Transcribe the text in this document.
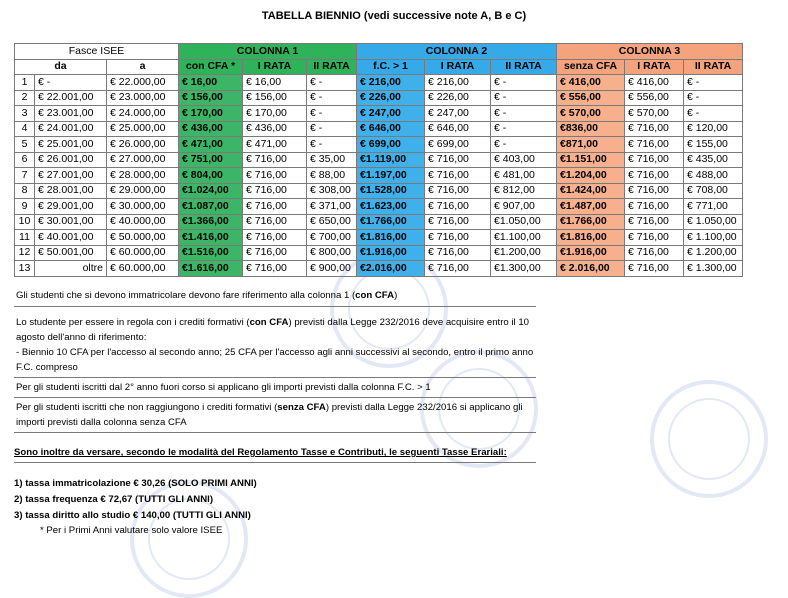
TABELLA BIENNIO (vedi successive note A, B e C)
Fasce ISEE			COLONNA 1			COLONNA 2			COLONNA 3		
da		a	con CFA *	I RATA	II RATA	f.C. > 1	I RATA	II RATA	senza CFA	I RATA	II RATA
1	€ -	€ 22.000,00	€ 16,00	€ 16,00	€ -	€ 216,00	€ 216,00	€ -	€ 416,00	€ 416,00	€ -
2	€ 22.001,00	€ 23.000,00	€ 156,00	€ 156,00	€ -	€ 226,00	€ 226,00	€ -	€ 556,00	€ 556,00	€ -
3	€ 23.001,00	€ 24.000,00	€ 170,00	€ 170,00	€ -	€ 247,00	€ 247,00	€ -	€ 570,00	€ 570,00	€ -
4	€ 24.001,00	€ 25.000,00	€ 436,00	€ 436,00	€ -	€ 646,00	€ 646,00	€ -	€836,00	€ 716,00	€ 120,00
5	€ 25.001,00	€ 26.000,00	€ 471,00	€ 471,00	€ -	€ 699,00	€ 699,00	€ -	€871,00	€ 716,00	€ 155,00
6	€ 26.001,00	€ 27.000,00	€ 751,00	€ 716,00	€ 35,00	€1.119,00	€ 716,00	€ 403,00	€1.151,00	€ 716,00	€ 435,00
7	€ 27.001,00	€ 28.000,00	€ 804,00	€ 716,00	€ 88,00	€1.197,00	€ 716,00	€ 481,00	€1.204,00	€ 716,00	€ 488,00
8	€ 28.001,00	€ 29.000,00	€1.024,00	€ 716,00	€ 308,00	€1.528,00	€ 716,00	€ 812,00	€1.424,00	€ 716,00	€ 708,00
9	€ 29.001,00	€ 30.000,00	€1.087,00	€ 716,00	€ 371,00	€1.623,00	€ 716,00	€ 907,00	€1.487,00	€ 716,00	€ 771,00
10	€ 30.001,00	€ 40.000,00	€1.366,00	€ 716,00	€ 650,00	€1.766,00	€ 716,00	€1.050,00	€1.766,00	€ 716,00	€ 1.050,00
11	€ 40.001,00	€ 50.000,00	€1.416,00	€ 716,00	€ 700,00	€1.816,00	€ 716,00	€1.100,00	€1.816,00	€ 716,00	€ 1.100,00
12	€ 50.001,00	€ 60.000,00	€1.516,00	€ 716,00	€ 800,00	€1.916,00	€ 716,00	€1.200,00	€1.916,00	€ 716,00	€ 1.200,00
13	oltre	€ 60.000,00	€1.616,00	€ 716,00	€ 900,00	€2.016,00	€ 716,00	€1.300,00	€ 2.016,00	€ 716,00	€ 1.300,00
Gli studenti che si devono immatricolare devono fare riferimento alla colonna 1 (con CFA)
Lo studente per essere in regola con i crediti formativi (con CFA) previsti dalla Legge 232/2016 deve acquisire entro il 10 agosto dell'anno di riferimento:
- Biennio 10 CFA per l'accesso al secondo anno; 25 CFA per l'accesso agli anni successivi al secondo, entro il primo anno F.C. compreso
Per gli studenti iscritti dal 2° anno fuori corso si applicano gli importi previsti dalla colonna F.C. > 1
Per gli studenti iscritti che non raggiungono i crediti formativi (senza CFA) previsti dalla Legge 232/2016 si applicano gli importi previsti dalla colonna senza CFA
Sono inoltre da versare, secondo le modalità del Regolamento Tasse e Contributi, le seguenti Tasse Erariali:
1) tassa immatricolazione € 30,26 (SOLO PRIMI ANNI)
2) tassa frequenza € 72,67 (TUTTI GLI ANNI)
3) tassa diritto allo studio € 140,00 (TUTTI GLI ANNI)
* Per i Primi Anni valutare solo valore ISEE
